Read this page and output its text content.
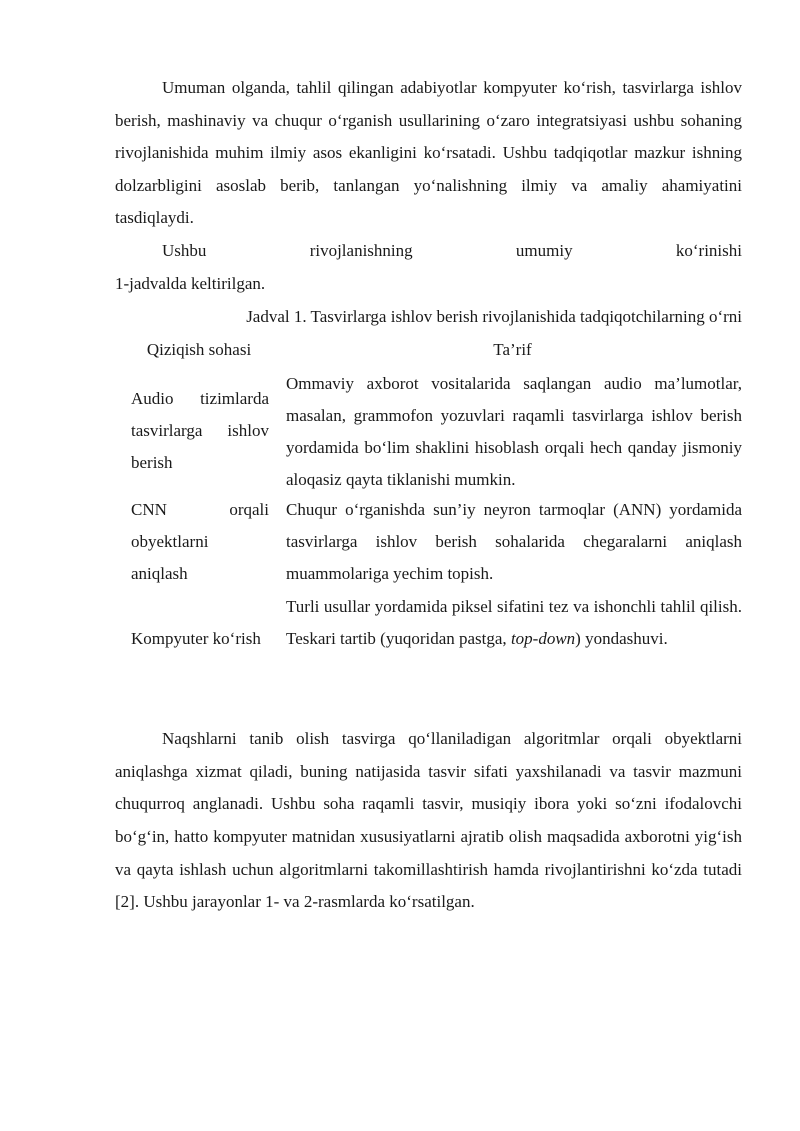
Umuman olganda, tahlil qilingan adabiyotlar kompyuter ko‘rish, tasvirlarga ishlov berish, mashinaviy va chuqur o‘rganish usullarining o‘zaro integratsiyasi ushbu sohaning rivojlanishida muhim ilmiy asos ekanligini ko‘rsatadi. Ushbu tadqiqotlar mazkur ishning dolzarbligini asoslab berib, tanlangan yo‘nalishning ilmiy va amaliy ahamiyatini tasdiqlaydi.

Ushbu rivojlanishning umumiy ko‘rinishi

1-jadvalda keltirilgan.

Jadval 1. Tasvirlarga ishlov berish rivojlanishida tadqiqotchilarning o‘rni

Qiziqish sohasi	Ta’rif
Audio tizimlarda tasvirlarga ishlov berish
Ommaviy axborot vositalarida saqlangan audio ma’lumotlar, masalan, grammofon yozuvlari raqamli tasvirlarga ishlov berish yordamida bo‘lim shaklini hisoblash orqali hech qanday jismoniy aloqasiz qayta tiklanishi mumkin.
CNN orqali obyektlarni aniqlash
Chuqur o‘rganishda sun’iy neyron tarmoqlar (ANN) yordamida tasvirlarga ishlov berish sohalarida chegaralarni aniqlash muammolariga yechim topish.
Kompyuter ko‘rish
Turli usullar yordamida piksel sifatini tez va ishonchli tahlil qilish. Teskari tartib (yuqoridan pastga, top-down) yondashuvi.

Naqshlarni tanib olish tasvirga qo‘llaniladigan algoritmlar orqali obyektlarni aniqlashga xizmat qiladi, buning natijasida tasvir sifati yaxshilanadi va tasvir mazmuni chuqurroq anglanadi. Ushbu soha raqamli tasvir, musiqiy ibora yoki so‘zni ifodalovchi bo‘g‘in, hatto kompyuter matnidan xususiyatlarni ajratib olish maqsadida axborotni yig‘ish va qayta ishlash uchun algoritmlarni takomillashtirish hamda rivojlantirishni ko‘zda tutadi [2]. Ushbu jarayonlar 1- va 2-rasmlarda ko‘rsatilgan.
